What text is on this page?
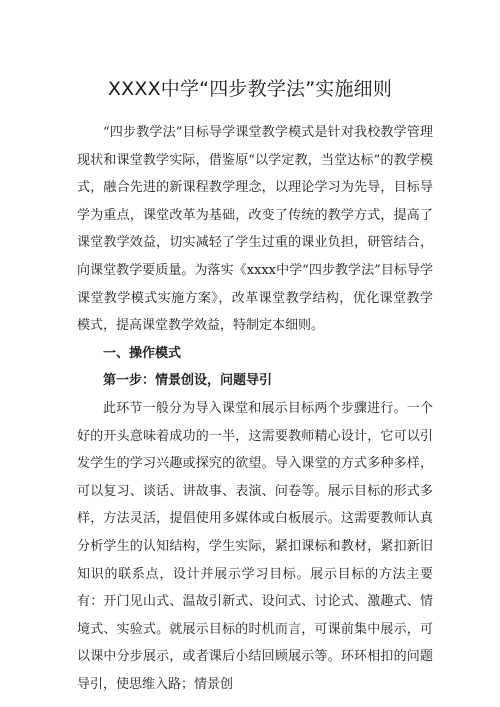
XXXX中学“四步教学法”实施细则

“四步教学法”目标导学课堂教学模式是针对我校教学管理现状和课堂教学实际，借鉴原“以学定教，当堂达标”的教学模式，融合先进的新课程教学理念，以理论学习为先导，目标导学为重点，课堂改革为基础，改变了传统的教学方式，提高了课堂教学效益，切实减轻了学生过重的课业负担，研管结合，向课堂教学要质量。为落实《xxxx中学“四步教学法”目标导学课堂教学模式实施方案》，改革课堂教学结构，优化课堂教学模式，提高课堂教学效益，特制定本细则。

一、操作模式

第一步：情景创设，问题导引

此环节一般分为导入课堂和展示目标两个步骤进行。一个好的开头意味着成功的一半，这需要教师精心设计，它可以引发学生的学习兴趣或探究的欲望。导入课堂的方式多种多样，可以复习、谈话、讲故事、表演、问卷等。展示目标的形式多样，方法灵活，提倡使用多媒体或白板展示。这需要教师认真分析学生的认知结构，学生实际，紧扣课标和教材，紧扣新旧知识的联系点，设计并展示学习目标。展示目标的方法主要有：开门见山式、温故引新式、设问式、讨论式、激趣式、情境式、实验式。就展示目标的时机而言，可课前集中展示，可以课中分步展示，或者课后小结回顾展示等。环环相扣的问题导引，使思维入路；情景创
